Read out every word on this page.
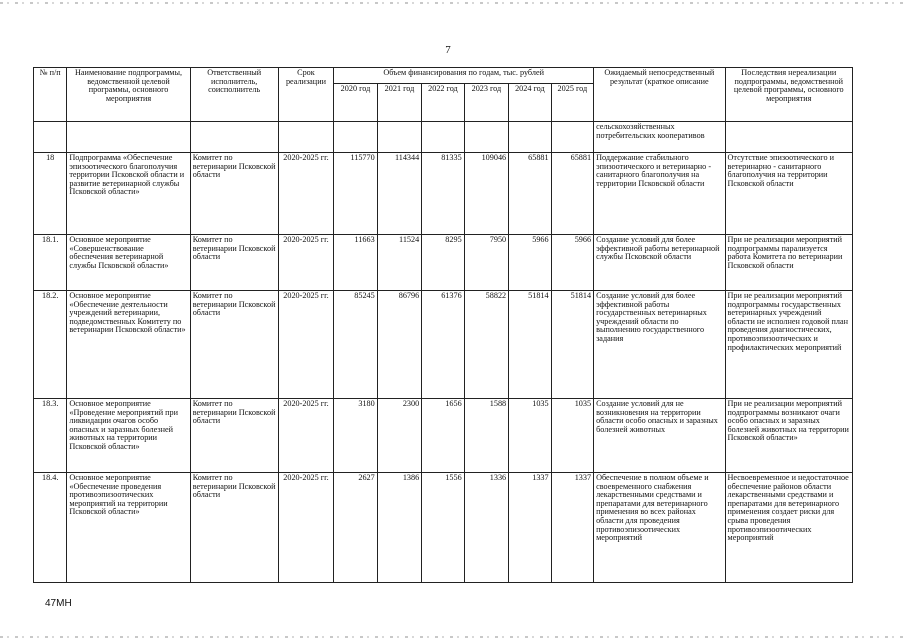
7
№ п/п	Наименование подпрограммы, ведомственной целевой программы, основного мероприятия	Ответственный исполнитель, соисполнитель	Срок реализации	Объем финансирования по годам, тыс. рублей						Ожидаемый непосредственный результат (краткое описание	Последствия нереализации подпрограммы, ведомственной целевой программы, основного мероприятия
				2020 год	2021 год	2022 год	2023 год	2024 год	2025 год		
										сельскохозяйственных потребительских кооперативов	
18	Подпрограмма «Обеспечение эпизоотического благополучия территории Псковской области и развитие ветеринарной службы Псковской области»	Комитет по ветеринарии Псковской области	2020-2025 гг.	115770	114344	81335	109046	65881	65881	Поддержание стабильного эпизоотического и ветеринарно - санитарного благополучия на территории Псковской области	Отсутствие эпизоотического и ветеринарно - санитарного благополучия на территории Псковской области
18.1.	Основное мероприятие «Совершенствование обеспечения ветеринарной службы Псковской области»	Комитет по ветеринарии Псковской области	2020-2025 гг.	11663	11524	8295	7950	5966	5966	Создание условий для более эффективной работы ветеринарной службы Псковской области	При не реализации мероприятий подпрограммы парализуется работа Комитета по ветеринарии Псковской области
18.2.	Основное мероприятие «Обеспечение деятельности учреждений ветеринарии, подведомственных Комитету по ветеринарии Псковской области»	Комитет по ветеринарии Псковской области	2020-2025 гг.	85245	86796	61376	58822	51814	51814	Создание условий для более эффективной работы государственных ветеринарных учреждений области по выполнению государственного задания	При не реализации мероприятий подпрограммы государственных ветеринарных учреждений области не исполнен годовой план проведения диагностических, противоэпизоотических и профилактических мероприятий
18.3.	Основное мероприятие «Проведение мероприятий при ликвидации очагов особо опасных и заразных болезней животных на территории Псковской области»	Комитет по ветеринарии Псковской области	2020-2025 гг.	3180	2300	1656	1588	1035	1035	Создание условий для не возникновения на территории области особо опасных и заразных болезней животных	При не реализации мероприятий подпрограммы возникают очаги особо опасных и заразных болезней животных на территории Псковской области»
18.4.	Основное мероприятие «Обеспечение проведения противоэпизоотических мероприятий на территории Псковской области»	Комитет по ветеринарии Псковской области	2020-2025 гг.	2627	1386	1556	1336	1337	1337	Обеспечение в полном объеме и своевременного снабжения лекарственными средствами и препаратами для ветеринарного применения во всех районах области для проведения противоэпизоотических мероприятий	Несвоевременное и недостаточное обеспечение районов области лекарственными средствами и препаратами для ветеринарного применения создает риски для срыва проведения противоэпизоотических мероприятий
47МН
